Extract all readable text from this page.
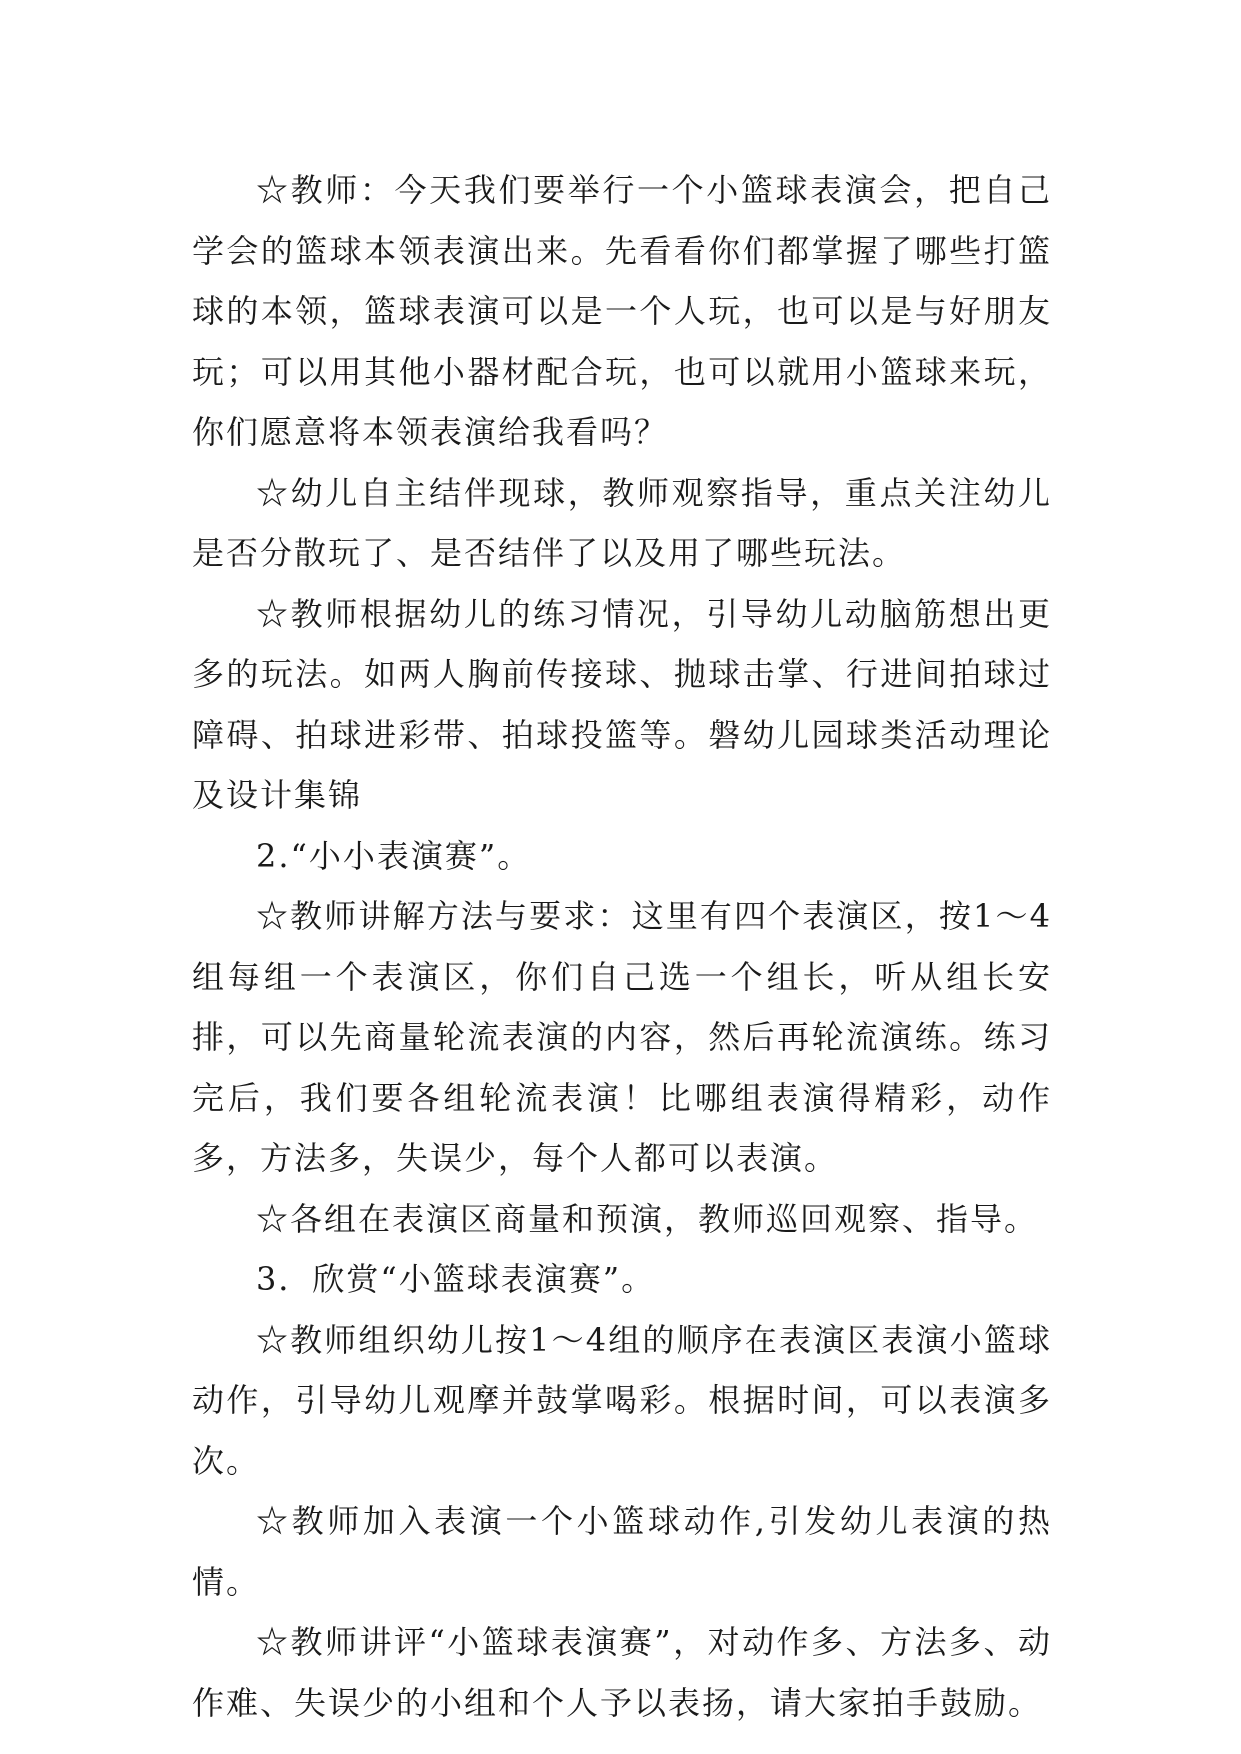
☆教师：今天我们要举行一个小篮球表演会，把自己学会的篮球本领表演出来。先看看你们都掌握了哪些打篮球的本领，篮球表演可以是一个人玩，也可以是与好朋友玩；可以用其他小器材配合玩，也可以就用小篮球来玩，你们愿意将本领表演给我看吗？

☆幼儿自主结伴现球，教师观察指导，重点关注幼儿是否分散玩了、是否结伴了以及用了哪些玩法。

☆教师根据幼儿的练习情况，引导幼儿动脑筋想出更多的玩法。如两人胸前传接球、抛球击掌、行进间拍球过障碍、拍球进彩带、拍球投篮等。磐幼儿园球类活动理论及设计集锦

2.“小小表演赛”。

☆教师讲解方法与要求：这里有四个表演区，按1～4组每组一个表演区，你们自己选一个组长，听从组长安排，可以先商量轮流表演的内容，然后再轮流演练。练习完后，我们要各组轮流表演！比哪组表演得精彩，动作多，方法多，失误少，每个人都可以表演。

☆各组在表演区商量和预演，教师巡回观察、指导。

3．欣赏“小篮球表演赛”。

☆教师组织幼儿按1～4组的顺序在表演区表演小篮球动作，引导幼儿观摩并鼓掌喝彩。根据时间，可以表演多次。

☆教师加入表演一个小篮球动作,引发幼儿表演的热情。

☆教师讲评“小篮球表演赛”，对动作多、方法多、动作难、失误少的小组和个人予以表扬，请大家拍手鼓励。
